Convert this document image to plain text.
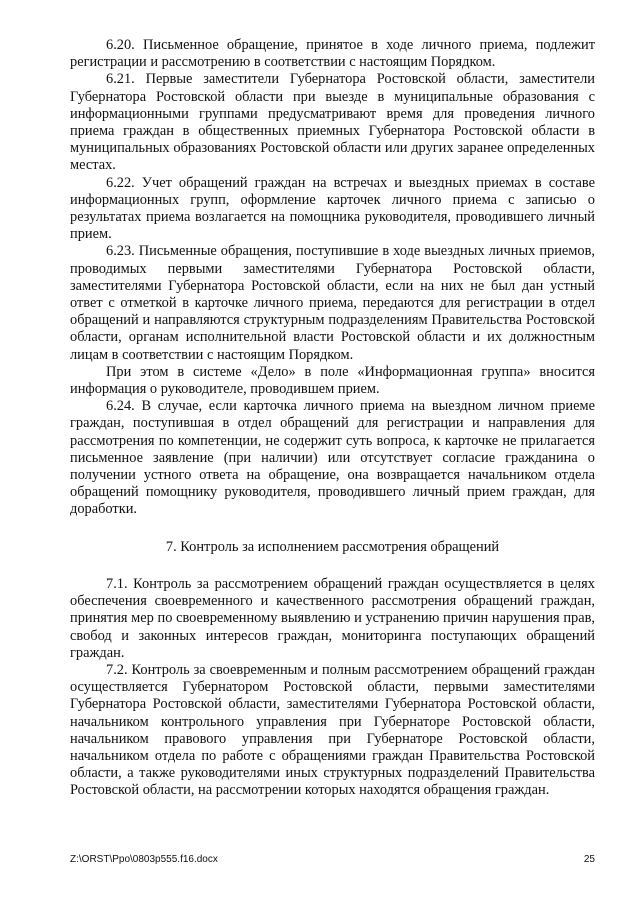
6.20. Письменное обращение, принятое в ходе личного приема, подлежит регистрации и рассмотрению в соответствии с настоящим Порядком.

6.21. Первые заместители Губернатора Ростовской области, заместители Губернатора Ростовской области при выезде в муниципальные образования с информационными группами предусматривают время для проведения личного приема граждан в общественных приемных Губернатора Ростовской области в муниципальных образованиях Ростовской области или других заранее определенных местах.

6.22. Учет обращений граждан на встречах и выездных приемах в составе информационных групп, оформление карточек личного приема с записью о результатах приема возлагается на помощника руководителя, проводившего личный прием.

6.23. Письменные обращения, поступившие в ходе выездных личных приемов, проводимых первыми заместителями Губернатора Ростовской области, заместителями Губернатора Ростовской области, если на них не был дан устный ответ с отметкой в карточке личного приема, передаются для регистрации в отдел обращений и направляются структурным подразделениям Правительства Ростовской области, органам исполнительной власти Ростовской области и их должностным лицам в соответствии с настоящим Порядком.

При этом в системе «Дело» в поле «Информационная группа» вносится информация о руководителе, проводившем прием.

6.24. В случае, если карточка личного приема на выездном личном приеме граждан, поступившая в отдел обращений для регистрации и направления для рассмотрения по компетенции, не содержит суть вопроса, к карточке не прилагается письменное заявление (при наличии) или отсутствует согласие гражданина о получении устного ответа на обращение, она возвращается начальником отдела обращений помощнику руководителя, проводившего личный прием граждан, для доработки.

7. Контроль за исполнением рассмотрения обращений

7.1. Контроль за рассмотрением обращений граждан осуществляется в целях обеспечения своевременного и качественного рассмотрения обращений граждан, принятия мер по своевременному выявлению и устранению причин нарушения прав, свобод и законных интересов граждан, мониторинга поступающих обращений граждан.

7.2. Контроль за своевременным и полным рассмотрением обращений граждан осуществляется Губернатором Ростовской области, первыми заместителями Губернатора Ростовской области, заместителями Губернатора Ростовской области, начальником контрольного управления при Губернаторе Ростовской области, начальником правового управления при Губернаторе Ростовской области, начальником отдела по работе с обращениями граждан Правительства Ростовской области, а также руководителями иных структурных подразделений Правительства Ростовской области, на рассмотрении которых находятся обращения граждан.

Z:\ORST\Ppo\0803p555.f16.docx	25
